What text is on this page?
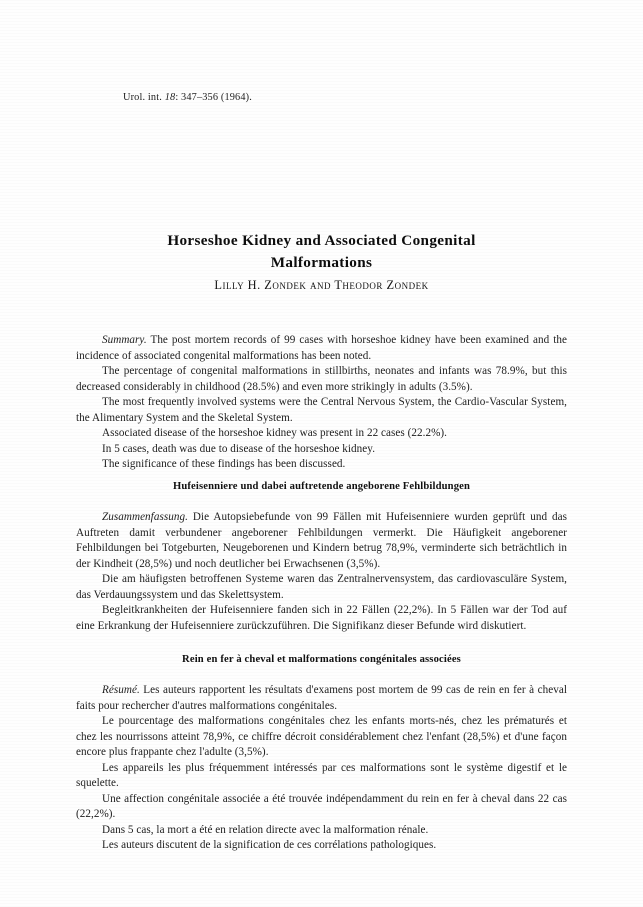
Urol. int. 18: 347–356 (1964).
Horseshoe Kidney and Associated Congenital
Malformations
Lilly H. Zondek and Theodor Zondek

Summary. The post mortem records of 99 cases with horseshoe kidney have been examined and the incidence of associated congenital malformations has been noted.

The percentage of congenital malformations in stillbirths, neonates and infants was 78.9%, but this decreased considerably in childhood (28.5%) and even more strikingly in adults (3.5%).

The most frequently involved systems were the Central Nervous System, the Cardio-Vascular System, the Alimentary System and the Skeletal System.

Associated disease of the horseshoe kidney was present in 22 cases (22.2%).

In 5 cases, death was due to disease of the horseshoe kidney.

The significance of these findings has been discussed.

Hufeisenniere und dabei auftretende angeborene Fehlbildungen

Zusammenfassung. Die Autopsiebefunde von 99 Fällen mit Hufeisenniere wurden geprüft und das Auftreten damit verbundener angeborener Fehlbildungen vermerkt. Die Häufigkeit angeborener Fehlbildungen bei Totgeburten, Neugeborenen und Kindern betrug 78,9%, verminderte sich beträchtlich in der Kindheit (28,5%) und noch deutlicher bei Erwachsenen (3,5%).

Die am häufigsten betroffenen Systeme waren das Zentralnervensystem, das cardiovasculäre System, das Verdauungssystem und das Skelettsystem.

Begleitkrankheiten der Hufeisenniere fanden sich in 22 Fällen (22,2%). In 5 Fällen war der Tod auf eine Erkrankung der Hufeisenniere zurückzuführen. Die Signifikanz dieser Befunde wird diskutiert.

Rein en fer à cheval et malformations congénitales associées

Résumé. Les auteurs rapportent les résultats d'examens post mortem de 99 cas de rein en fer à cheval faits pour rechercher d'autres malformations congénitales.

Le pourcentage des malformations congénitales chez les enfants morts-nés, chez les prématurés et chez les nourrissons atteint 78,9%, ce chiffre décroit considérablement chez l'enfant (28,5%) et d'une façon encore plus frappante chez l'adulte (3,5%).

Les appareils les plus fréquemment intéressés par ces malformations sont le système digestif et le squelette.

Une affection congénitale associée a été trouvée indépendamment du rein en fer à cheval dans 22 cas (22,2%).

Dans 5 cas, la mort a été en relation directe avec la malformation rénale.

Les auteurs discutent de la signification de ces corrélations pathologiques.
